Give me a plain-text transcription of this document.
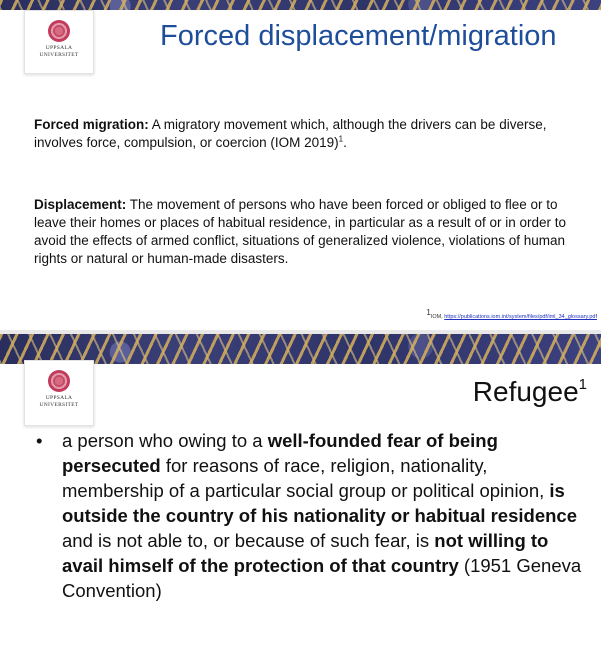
UPPSALA
UNIVERSITET
Forced displacement/migration

Forced migration: A migratory movement which, although the drivers can be diverse, involves force, compulsion, or coercion (IOM 2019)$^1$.

Displacement: The movement of persons who have been forced or obliged to flee or to leave their homes or places of habitual residence, in particular as a result of or in order to avoid the effects of armed conflict, situations of generalized violence, violations of human rights or natural or human-made disasters.

$^1$IOM, https://publications.iom.int/system/files/pdf/iml_34_glossary.pdf
UPPSALA
UNIVERSITET	Refugee$^1$
• a person who owing to a well-founded fear of being persecuted for reasons of race, religion, nationality, membership of a particular social group or political opinion, is outside the country of his nationality or habitual residence and is not able to, or because of such fear, is not willing to avail himself of the protection of that country (1951 Geneva Convention)
